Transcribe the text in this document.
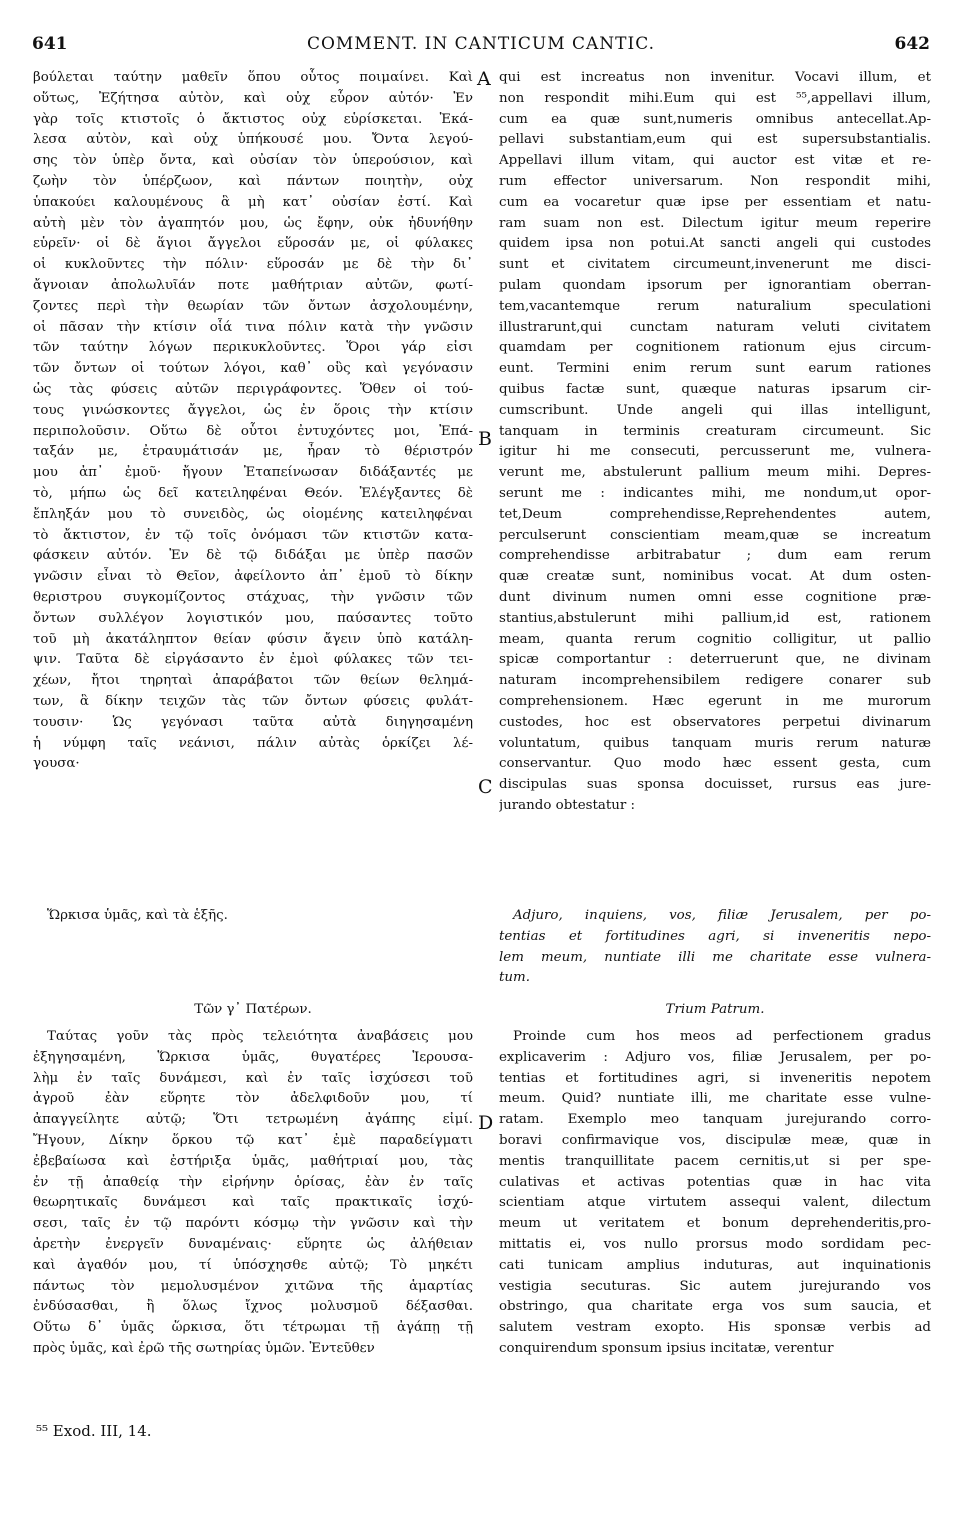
641	COMMENT. IN CANTICUM CANTIC.	642
βούλεται ταύτην μαθεῖν ὅπου οὗτος ποιμαίνει. Καὶ
οὕτως, Ἐζήτησα αὐτὸν, καὶ οὐχ εὗρον αὐτόν· Ἐν
γὰρ τοῖς κτιστοῖς ὁ ἄκτιστος οὐχ εὑρίσκεται. Ἐκά-
λεσα αὐτὸν, καὶ οὐχ ὑπήκουσέ μου. Ὄντα λεγού-
σης τὸν ὑπὲρ ὄντα, καὶ οὐσίαν τὸν ὑπερούσιον, καὶ
ζωὴν τὸν ὑπέρζωον, καὶ πάντων ποιητὴν, οὐχ
ὑπακούει καλουμένους ἃ μὴ κατ᾽ οὐσίαν ἐστί. Καὶ
αὐτὴ μὲν τὸν ἀγαπητόν μου, ὡς ἔφην, οὐκ ἠδυνήθην
εὑρεῖν· οἱ δὲ ἅγιοι ἄγγελοι εὕροσάν με, οἱ φύλακες
οἱ κυκλοῦντες τὴν πόλιν· εὕροσάν με δὲ τὴν δι᾽
ἄγνοιαν ἀπολωλυῖάν ποτε μαθήτριαν αὐτῶν, φωτί-
ζοντες περὶ τὴν θεωρίαν τῶν ὄντων ἀσχολουμένην,
οἱ πᾶσαν τὴν κτίσιν οἷά τινα πόλιν κατὰ τὴν γνῶσιν
τῶν ταύτην λόγων περικυκλοῦντες. Ὅροι γάρ εἰσι
τῶν ὄντων οἱ τούτων λόγοι, καθ᾽ οὓς καὶ γεγόνασιν
ὡς τὰς φύσεις αὐτῶν περιγράφοντες. Ὅθεν οἱ τού-
τους γινώσκοντες ἄγγελοι, ὡς ἐν ὅροις τὴν κτίσιν
περιπολοῦσιν. Οὕτω δὲ οὗτοι ἐντυχόντες μοι, Ἐπά-
ταξάν με, ἐτραυμάτισάν με, ἦραν τὸ θέριστρόν
μου ἀπ᾽ ἐμοῦ· ἤγουν Ἐταπείνωσαν διδάξαντές με
τὸ, μήπω ὡς δεῖ κατειληφέναι Θεόν. Ἐλέγξαντες δὲ
ἔπληξάν μου τὸ συνειδὸς, ὡς οἰομένης κατειληφέναι
τὸ ἄκτιστον, ἐν τῷ τοῖς ὀνόμασι τῶν κτιστῶν κατα-
φάσκειν αὐτόν. Ἐν δὲ τῷ διδάξαι με ὑπὲρ πασῶν
γνῶσιν εἶναι τὸ Θεῖον, ἀφείλοντο ἀπ᾽ ἐμοῦ τὸ δίκην
θεριστρου συγκομίζοντος στάχυας, τὴν γνῶσιν τῶν
ὄντων συλλέγον λογιστικόν μου, παύσαντες τοῦτο
τοῦ μὴ ἀκατάληπτον θείαν φύσιν ἄγειν ὑπὸ κατάλη-
ψιν. Ταῦτα δὲ εἰργάσαντο ἐν ἐμοὶ φύλακες τῶν τει-
χέων, ἤτοι τηρηταὶ ἀπαράβατοι τῶν θείων θελημά-
των, ἃ δίκην τειχῶν τὰς τῶν ὄντων φύσεις φυλάτ-
τουσιν· Ὡς γεγόνασι ταῦτα αὐτὰ διηγησαμένη
ἡ νύμφη ταῖς νεάνισι, πάλιν αὐτὰς ὁρκίζει λέ-
γουσα·
Ὥρκισα ὑμᾶς, καὶ τὰ ἑξῆς.
Τῶν γ᾽ Πατέρων.
Ταύτας γοῦν τὰς πρὸς τελειότητα ἀναβάσεις μου
ἐξηγησαμένη, Ὥρκισα ὑμᾶς, θυγατέρες Ἱερουσα-
λὴμ ἐν ταῖς δυνάμεσι, καὶ ἐν ταῖς ἰσχύσεσι τοῦ
ἀγροῦ ἐὰν εὕρητε τὸν ἀδελφιδοῦν μου, τί
ἀπαγγείλητε αὐτῷ; Ὅτι τετρωμένη ἀγάπης εἰμί.
Ἤγουν, Δίκην ὅρκου τῷ κατ᾽ ἐμὲ παραδείγματι
ἐβεβαίωσα καὶ ἐστήριξα ὑμᾶς, μαθήτριαί μου, τὰς
ἐν τῇ ἀπαθείᾳ τὴν εἰρήνην ὁρίσας, ἐὰν ἐν ταῖς
θεωρητικαῖς δυνάμεσι καὶ ταῖς πρακτικαῖς ἰσχύ-
σεσι, ταῖς ἐν τῷ παρόντι κόσμῳ τὴν γνῶσιν καὶ τὴν
ἀρετὴν ἐνεργεῖν δυναμέναις· εὕρητε ὡς ἀλήθειαν
καὶ ἀγαθόν μου, τί ὑπόσχησθε αὐτῷ; Τὸ μηκέτι
πάντως τὸν μεμολυσμένον χιτῶνα τῆς ἁμαρτίας
ἐνδύσασθαι, ἢ ὅλως ἴχνος μολυσμοῦ δέξασθαι.
Οὕτω δ᾽ ὑμᾶς ὥρκισα, ὅτι τέτρωμαι τῇ ἀγάπῃ τῇ
πρὸς ὑμᾶς, καὶ ἐρῶ τῆς σωτηρίας ὑμῶν. Ἐντεῦθεν
qui est increatus non invenitur. Vocavi illum, et
non respondit mihi.Eum qui est ⁵⁵,appellavi illum,
cum ea quæ sunt,numeris omnibus antecellat.Ap-
pellavi substantiam,eum qui est supersubstantialis.
Appellavi illum vitam, qui auctor est vitæ et re-
rum effector universarum. Non respondit mihi,
cum ea vocaretur quæ ipse per essentiam et natu-
ram suam non est. Dilectum igitur meum reperire
quidem ipsa non potui.At sancti angeli qui custodes
sunt et civitatem circumeunt,invenerunt me disci-
pulam quondam ipsorum per ignorantiam oberran-
tem,vacantemque rerum naturalium speculationi
illustrarunt,qui cunctam naturam veluti civitatem
quamdam per cognitionem rationum ejus circum-
eunt. Termini enim rerum sunt earum rationes
quibus factæ sunt, quæque naturas ipsarum cir-
cumscribunt. Unde angeli qui illas intelligunt,
tanquam in terminis creaturam circumeunt. Sic
igitur hi me consecuti, percusserunt me, vulnera-
verunt me, abstulerunt pallium meum mihi. Depres-
serunt me : indicantes mihi, me nondum,ut opor-
tet,Deum comprehendisse,Reprehendentes autem,
perculserunt conscientiam meam,quæ se increatum
comprehendisse arbitrabatur ; dum eam rerum
quæ creatæ sunt, nominibus vocat. At dum osten-
dunt divinum numen omni esse cognitione præ-
stantius,abstulerunt mihi pallium,id est, rationem
meam, quanta rerum cognitio colligitur, ut pallio
spicæ comportantur : deterruerunt que, ne divinam
naturam incomprehensibilem redigere conarer sub
comprehensionem. Hæc egerunt in me murorum
custodes, hoc est observatores perpetui divinarum
voluntatum, quibus tanquam muris rerum naturæ
conservantur. Quo modo hæc essent gesta, cum
discipulas suas sponsa docuisset, rursus eas jure-
jurando obtestatur :
Adjuro, inquiens, vos, filiæ Jerusalem, per po-
tentias et fortitudines agri, si inveneritis nepo-
lem meum, nuntiate illi me charitate esse vulnera-
tum.
Trium Patrum.
Proinde cum hos meos ad perfectionem gradus
explicaverim : Adjuro vos, filiæ Jerusalem, per po-
tentias et fortitudines agri, si inveneritis nepotem
meum. Quid? nuntiate illi, me charitate esse vulne-
ratam. Exemplo meo tanquam jurejurando corro-
boravi confirmavique vos, discipulæ meæ, quæ in
mentis tranquillitate pacem cernitis,ut si per spe-
culativas et activas potentias quæ in hac vita
scientiam atque virtutem assequi valent, dilectum
meum ut veritatem et bonum deprehenderitis,pro-
mittatis ei, vos nullo prorsus modo sordidam pec-
cati tunicam amplius induturas, aut inquinationis
vestigia secuturas. Sic autem jurejurando vos
obstringo, qua charitate erga vos sum saucia, et
salutem vestram exopto. His sponsæ verbis ad
conquirendum sponsum ipsius incitatæ, verentur
A
B
C
D
⁵⁵ Exod. III, 14.
